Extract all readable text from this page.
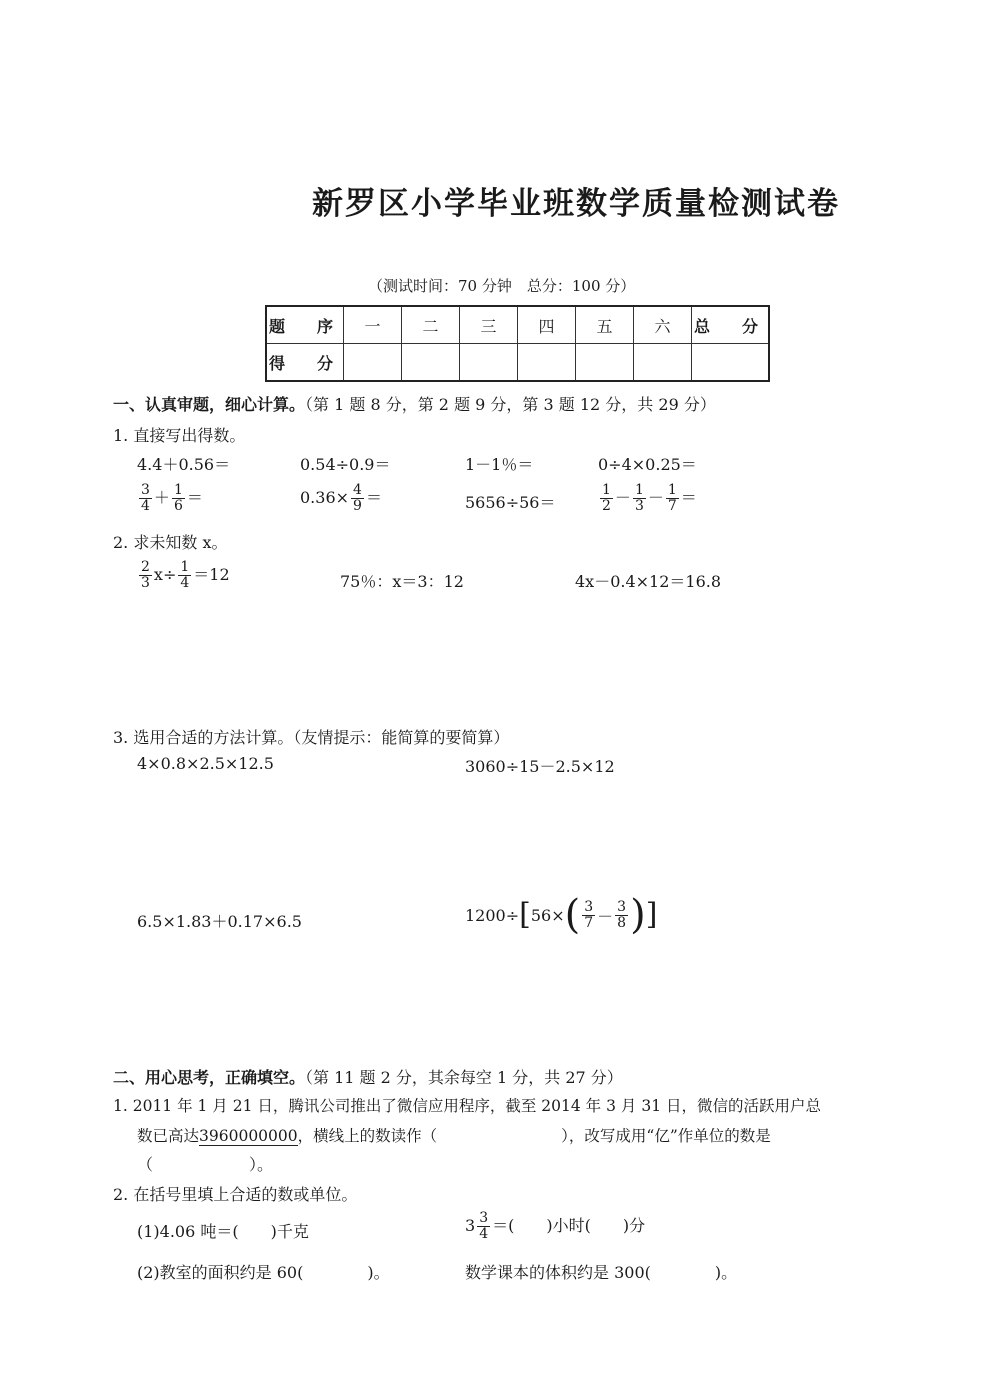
新罗区小学毕业班数学质量检测试卷
（测试时间：70 分钟　总分：100 分）
题　序	一	二	三	四	五	六	总　分
得　分							
一、认真审题，细心计算。（第 1 题 8 分，第 2 题 9 分，第 3 题 12 分，共 29 分）
1. 直接写出得数。
4.4＋0.56＝	0.54÷0.9＝	1－1％＝	0÷4×0.25＝
$\frac{3}{4} + \frac{1}{6}$ ＝	$0.36\times \frac{4}{9}$ ＝	5656÷56＝	$\frac{1}{2} - \frac{1}{3} - \frac{1}{7}$ ＝
2. 求未知数 x。
$\frac{2}{3} x\div \frac{1}{4} =12$	75％：x＝3：12	4x－0.4×12＝16.8
3. 选用合适的方法计算。（友情提示：能简算的要简算）
4×0.8×2.5×12.5	3060÷15－2.5×12
6.5×1.83＋0.17×6.5	1200÷ [ 56× ( $\frac{3}{7} - \frac{3}{8}$ ) ]
二、用心思考，正确填空。（第 11 题 2 分，其余每空 1 分，共 27 分）
1. 2011 年 1 月 21 日，腾讯公司推出了微信应用程序，截至 2014 年 3 月 31 日，微信的活跃用户总
数已高达3960000000，横线上的数读作（　　　　　　　　），改写成用“亿”作单位的数是
（　　　　　　）。
2. 在括号里填上合适的数或单位。
(1)4.06 吨＝(　　)千克	$3 \frac{3}{4}$ ＝(　　)小时(　　)分
(2)教室的面积约是 60(　　　　)。	数学课本的体积约是 300(　　　　)。
